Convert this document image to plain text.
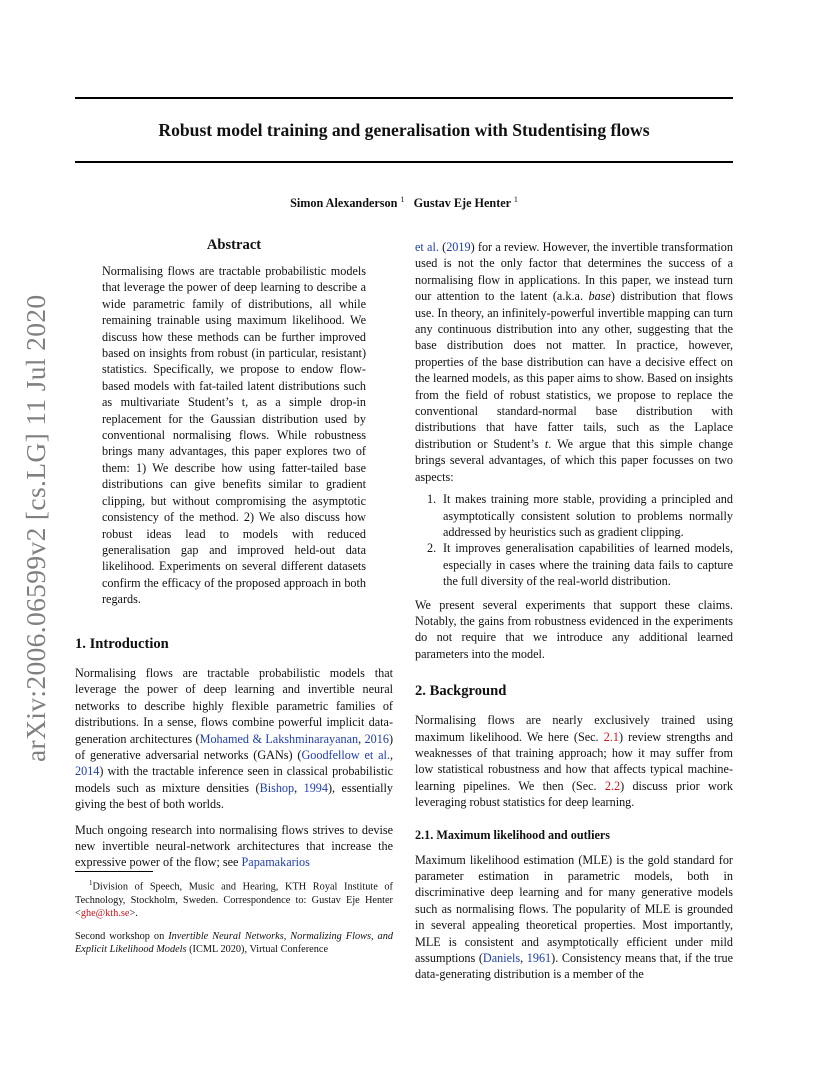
Robust model training and generalisation with Studentising flows
Simon Alexanderson $^1$ Gustav Eje Henter $^1$
arXiv:2006.06599v2 [cs.LG] 11 Jul 2020
Abstract

Normalising flows are tractable probabilistic models that leverage the power of deep learning to describe a wide parametric family of distributions, all while remaining trainable using maximum likelihood. We discuss how these methods can be further improved based on insights from robust (in particular, resistant) statistics. Specifically, we propose to endow flow-based models with fat-tailed latent distributions such as multivariate Student’s t, as a simple drop-in replacement for the Gaussian distribution used by conventional normalising flows. While robustness brings many advantages, this paper explores two of them: 1) We describe how using fatter-tailed base distributions can give benefits similar to gradient clipping, but without compromising the asymptotic consistency of the method. 2) We also discuss how robust ideas lead to models with reduced generalisation gap and improved held-out data likelihood. Experiments on several different datasets confirm the efficacy of the proposed approach in both regards.

1. Introduction

Normalising flows are tractable probabilistic models that leverage the power of deep learning and invertible neural networks to describe highly flexible parametric families of distributions. In a sense, flows combine powerful implicit data-generation architectures (Mohamed & Lakshminarayanan, 2016) of generative adversarial networks (GANs) (Goodfellow et al., 2014) with the tractable inference seen in classical probabilistic models such as mixture densities (Bishop, 1994), essentially giving the best of both worlds.

Much ongoing research into normalising flows strives to devise new invertible neural-network architectures that increase the expressive power of the flow; see Papamakarios

$^1$Division of Speech, Music and Hearing, KTH Royal Institute of Technology, Stockholm, Sweden. Correspondence to: Gustav Eje Henter <ghe@kth.se>.
Second workshop on Invertible Neural Networks, Normalizing Flows, and Explicit Likelihood Models (ICML 2020), Virtual Conference

et al. (2019) for a review. However, the invertible transformation used is not the only factor that determines the success of a normalising flow in applications. In this paper, we instead turn our attention to the latent (a.k.a. base) distribution that flows use. In theory, an infinitely-powerful invertible mapping can turn any continuous distribution into any other, suggesting that the base distribution does not matter. In practice, however, properties of the base distribution can have a decisive effect on the learned models, as this paper aims to show. Based on insights from the field of robust statistics, we propose to replace the conventional standard-normal base distribution with distributions that have fatter tails, such as the Laplace distribution or Student’s t. We argue that this simple change brings several advantages, of which this paper focusses on two aspects:

1. It makes training more stable, providing a principled and asymptotically consistent solution to problems normally addressed by heuristics such as gradient clipping.
2. It improves generalisation capabilities of learned models, especially in cases where the training data fails to capture the full diversity of the real-world distribution.

We present several experiments that support these claims. Notably, the gains from robustness evidenced in the experiments do not require that we introduce any additional learned parameters into the model.

2. Background

Normalising flows are nearly exclusively trained using maximum likelihood. We here (Sec. 2.1) review strengths and weaknesses of that training approach; how it may suffer from low statistical robustness and how that affects typical machine-learning pipelines. We then (Sec. 2.2) discuss prior work leveraging robust statistics for deep learning.

2.1. Maximum likelihood and outliers

Maximum likelihood estimation (MLE) is the gold standard for parameter estimation in parametric models, both in discriminative deep learning and for many generative models such as normalising flows. The popularity of MLE is grounded in several appealing theoretical properties. Most importantly, MLE is consistent and asymptotically efficient under mild assumptions (Daniels, 1961). Consistency means that, if the true data-generating distribution is a member of the
